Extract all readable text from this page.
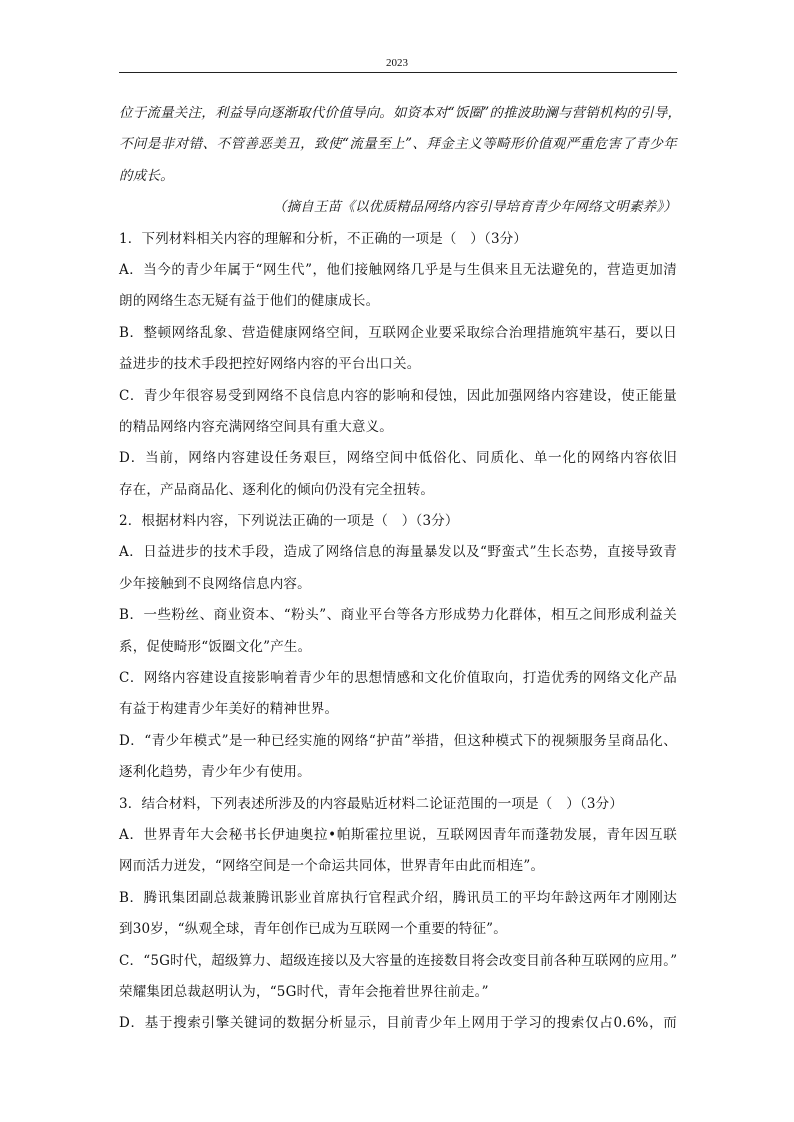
2023
位于流量关注，利益导向逐渐取代价值导向。如资本对“饭圈”的推波助澜与营销机构的引导，
不问是非对错、不管善恶美丑，致使“流量至上”、拜金主义等畸形价值观严重危害了青少年
的成长。
（摘自王苗《以优质精品网络内容引导培育青少年网络文明素养》）
1．下列材料相关内容的理解和分析，不正确的一项是（　）（3分）
A．当今的青少年属于“网生代”，他们接触网络几乎是与生俱来且无法避免的，营造更加清
朗的网络生态无疑有益于他们的健康成长。
B．整顿网络乱象、营造健康网络空间，互联网企业要采取综合治理措施筑牢基石，要以日
益进步的技术手段把控好网络内容的平台出口关。
C．青少年很容易受到网络不良信息内容的影响和侵蚀，因此加强网络内容建设，使正能量
的精品网络内容充满网络空间具有重大意义。
D．当前，网络内容建设任务艰巨，网络空间中低俗化、同质化、单一化的网络内容依旧
存在，产品商品化、逐利化的倾向仍没有完全扭转。
2．根据材料内容，下列说法正确的一项是（　）（3分）
A．日益进步的技术手段，造成了网络信息的海量暴发以及“野蛮式”生长态势，直接导致青
少年接触到不良网络信息内容。
B．一些粉丝、商业资本、“粉头”、商业平台等各方形成势力化群体，相互之间形成利益关
系，促使畸形“饭圈文化”产生。
C．网络内容建设直接影响着青少年的思想情感和文化价值取向，打造优秀的网络文化产品
有益于构建青少年美好的精神世界。
D．“青少年模式”是一种已经实施的网络“护苗”举措，但这种模式下的视频服务呈商品化、
逐利化趋势，青少年少有使用。
3．结合材料，下列表述所涉及的内容最贴近材料二论证范围的一项是（　）（3分）
A．世界青年大会秘书长伊迪奥拉•帕斯霍拉里说，互联网因青年而蓬勃发展，青年因互联
网而活力迸发，“网络空间是一个命运共同体，世界青年由此而相连”。
B．腾讯集团副总裁兼腾讯影业首席执行官程武介绍，腾讯员工的平均年龄这两年才刚刚达
到30岁，“纵观全球，青年创作已成为互联网一个重要的特征”。
C．“5G时代，超级算力、超级连接以及大容量的连接数目将会改变目前各种互联网的应用。”
荣耀集团总裁赵明认为，“5G时代，青年会拖着世界往前走。”
D．基于搜索引擎关键词的数据分析显示，目前青少年上网用于学习的搜索仅占0.6%，而
